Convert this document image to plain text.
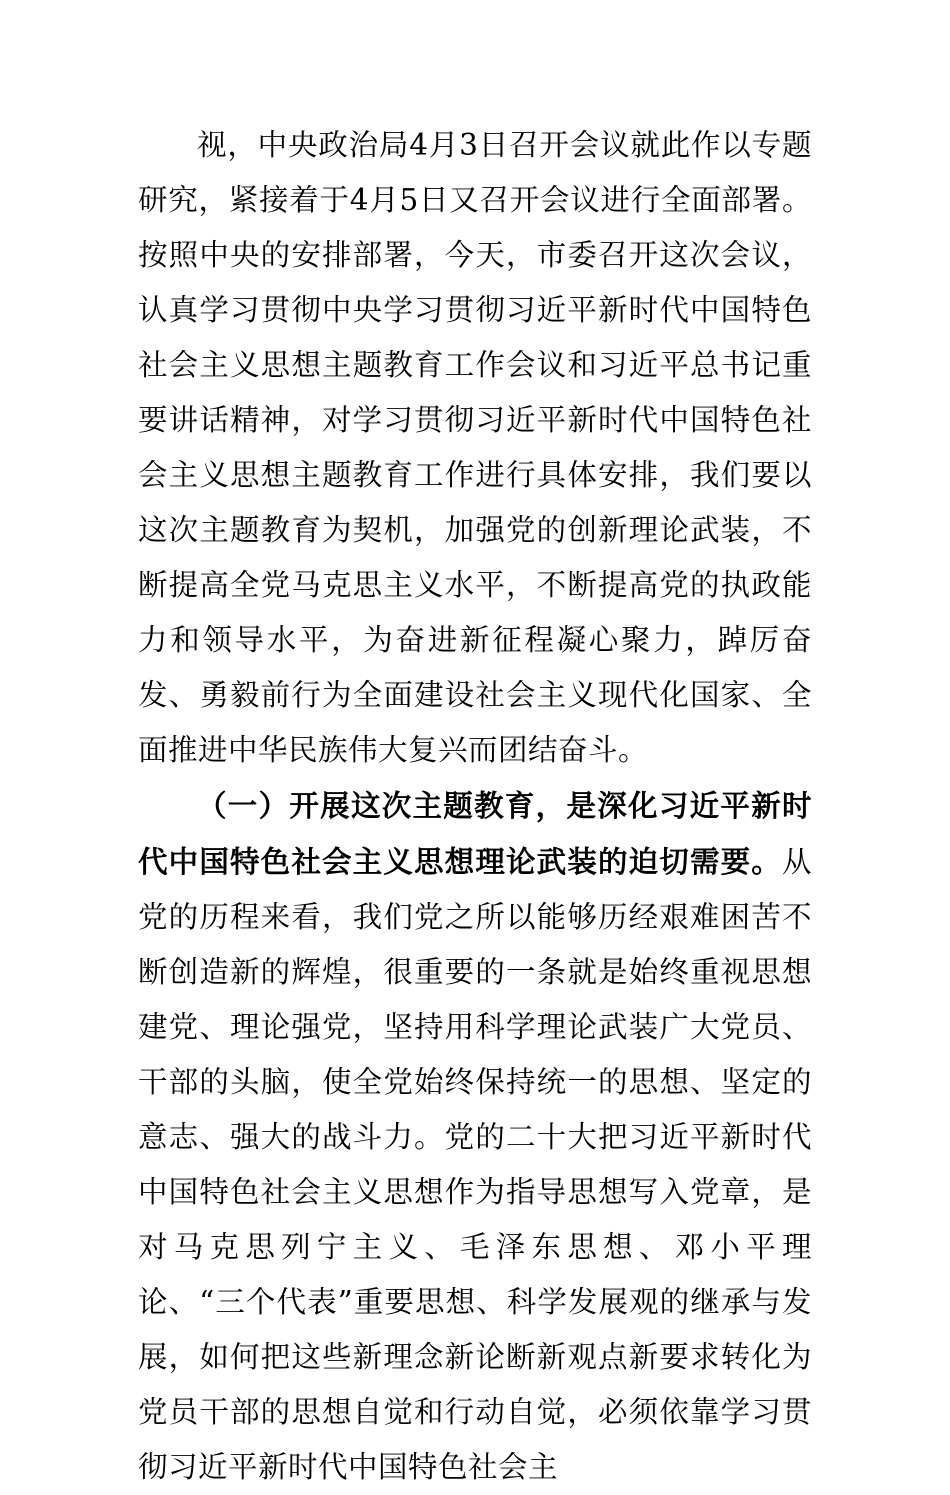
视，中央政治局4月3日召开会议就此作以专题研究，紧接着于4月5日又召开会议进行全面部署。按照中央的安排部署，今天，市委召开这次会议，认真学习贯彻中央学习贯彻习近平新时代中国特色社会主义思想主题教育工作会议和习近平总书记重要讲话精神，对学习贯彻习近平新时代中国特色社会主义思想主题教育工作进行具体安排，我们要以这次主题教育为契机，加强党的创新理论武装，不断提高全党马克思主义水平，不断提高党的执政能力和领导水平，为奋进新征程凝心聚力，踔厉奋发、勇毅前行为全面建设社会主义现代化国家、全面推进中华民族伟大复兴而团结奋斗。

（一）开展这次主题教育，是深化习近平新时代中国特色社会主义思想理论武装的迫切需要。从党的历程来看，我们党之所以能够历经艰难困苦不断创造新的辉煌，很重要的一条就是始终重视思想建党、理论强党，坚持用科学理论武装广大党员、干部的头脑，使全党始终保持统一的思想、坚定的意志、强大的战斗力。党的二十大把习近平新时代中国特色社会主义思想作为指导思想写入党章，是对马克思列宁主义、毛泽东思想、邓小平理论、“三个代表”重要思想、科学发展观的继承与发展，如何把这些新理念新论断新观点新要求转化为党员干部的思想自觉和行动自觉，必须依靠学习贯彻习近平新时代中国特色社会主
